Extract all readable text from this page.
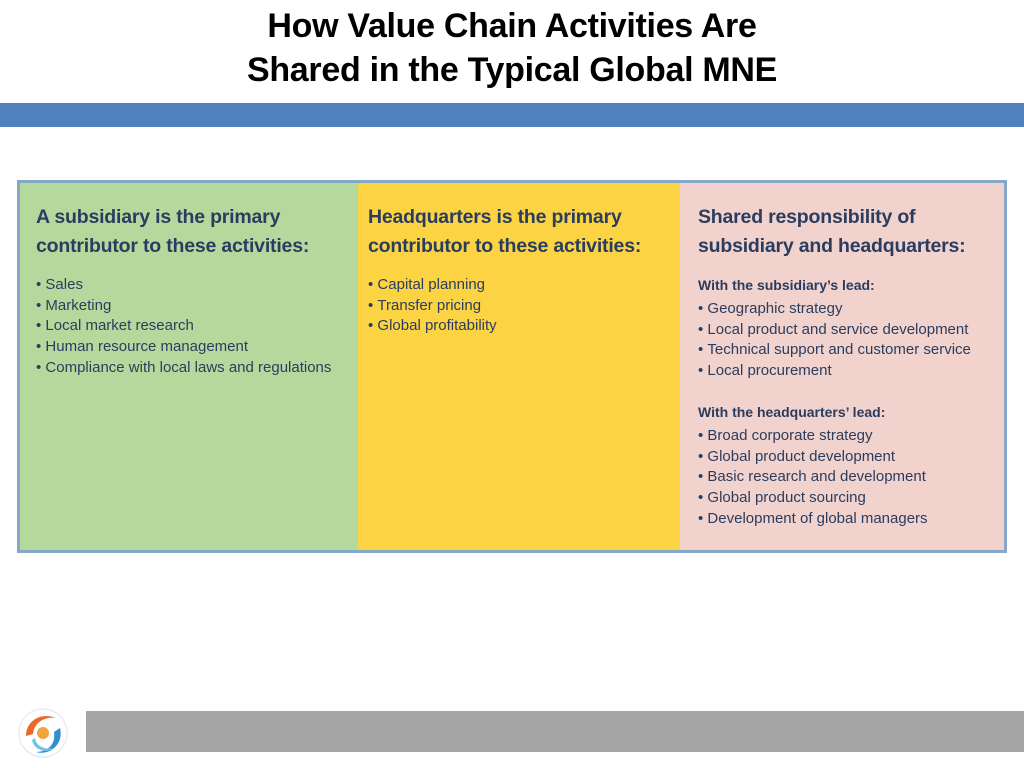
How Value Chain Activities Are
Shared in the Typical Global MNE
A subsidiary is the primary contributor to these activities:
• Sales
• Marketing
• Local market research
• Human resource management
• Compliance with local laws and regulations
Headquarters is the primary contributor to these activities:
• Capital planning
• Transfer pricing
• Global profitability
Shared responsibility of subsidiary and headquarters:
With the subsidiary’s lead:
• Geographic strategy
• Local product and service development
• Technical support and customer service
• Local procurement
With the headquarters’ lead:
• Broad corporate strategy
• Global product development
• Basic research and development
• Global product sourcing
• Development of global managers
